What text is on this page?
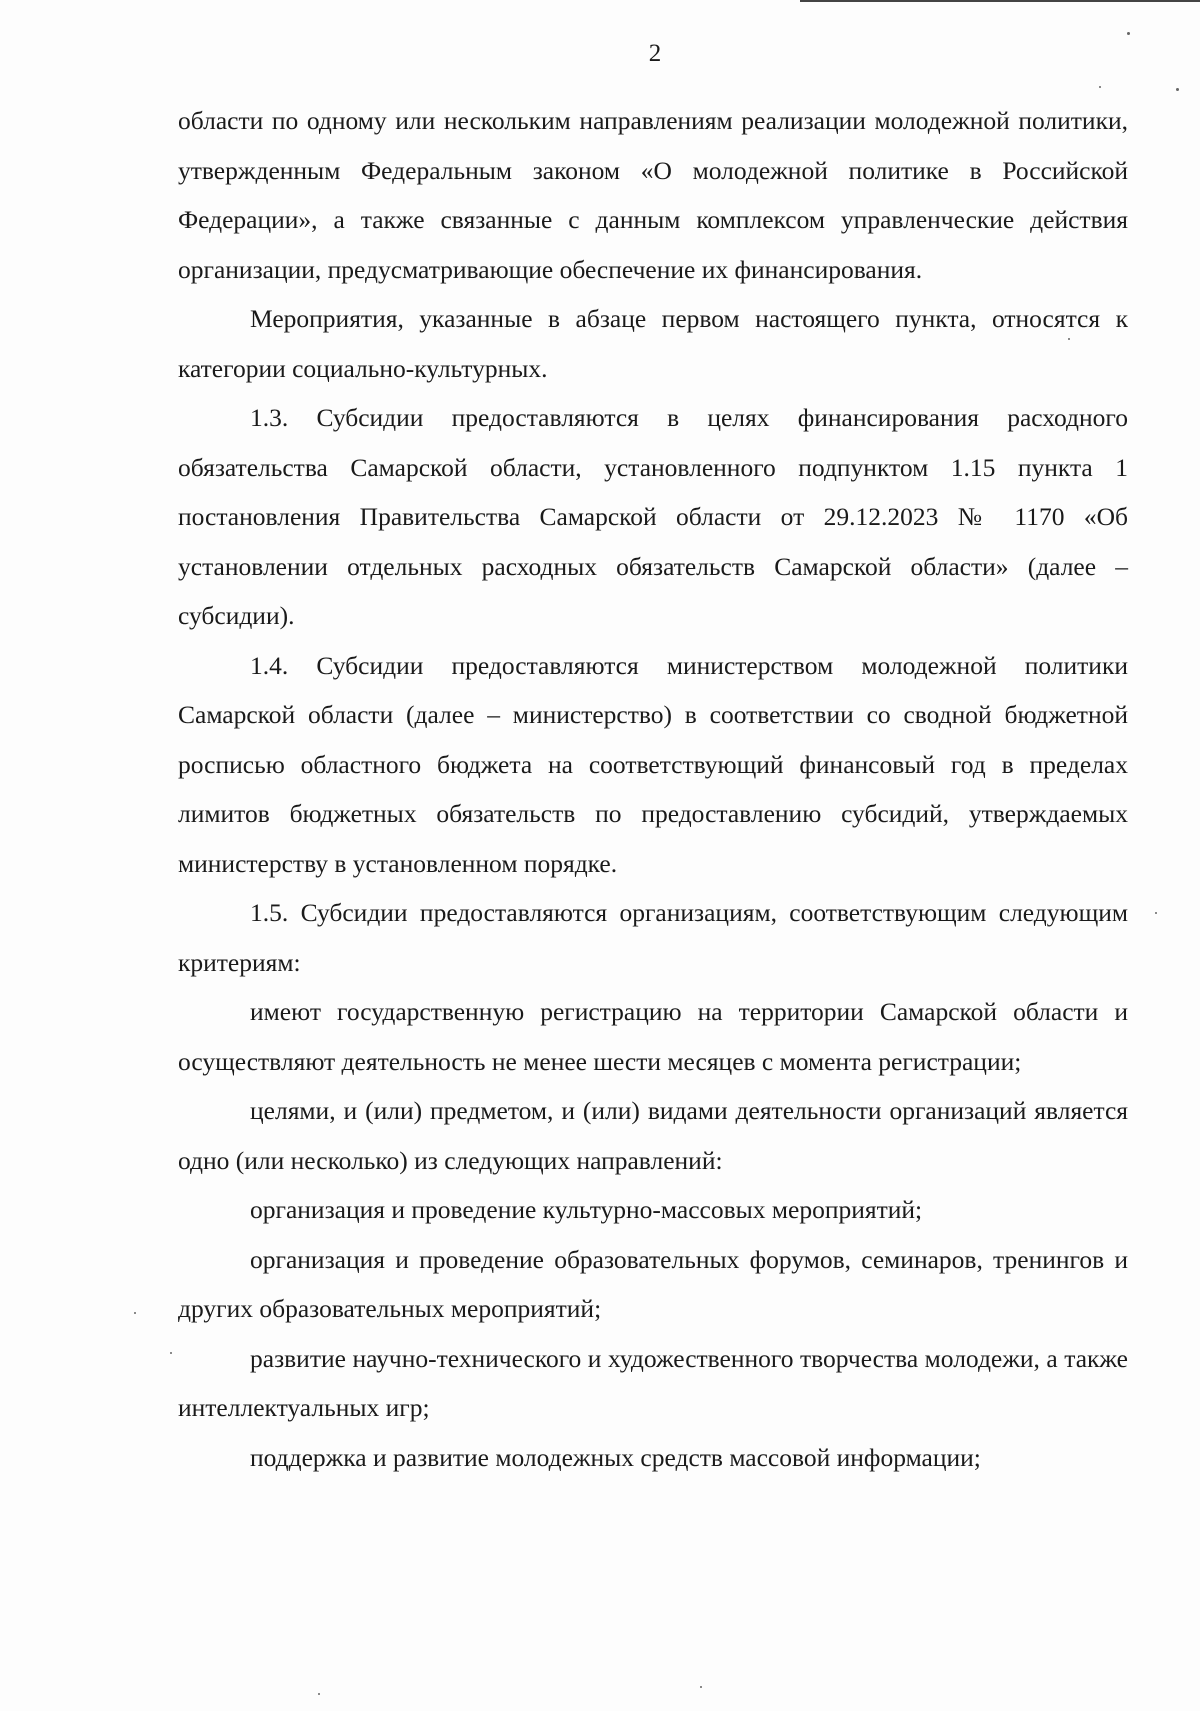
2

области по одному или нескольким направлениям реализации молодежной политики, утвержденным Федеральным законом «О молодежной политике в Российской Федерации», а также связанные с данным комплексом управленческие действия организации, предусматривающие обеспечение их финансирования.

Мероприятия, указанные в абзаце первом настоящего пункта, относятся к категории социально-культурных.

1.3. Субсидии предоставляются в целях финансирования расходного обязательства Самарской области, установленного подпунктом 1.15 пункта 1 постановления Правительства Самарской области от 29.12.2023 № 1170 «Об установлении отдельных расходных обязательств Самарской области» (далее – субсидии).

1.4. Субсидии предоставляются министерством молодежной политики Самарской области (далее – министерство) в соответствии со сводной бюджетной росписью областного бюджета на соответствующий финансовый год в пределах лимитов бюджетных обязательств по предоставлению субсидий, утверждаемых министерству в установленном порядке.

1.5. Субсидии предоставляются организациям, соответствующим следующим критериям:

имеют государственную регистрацию на территории Самарской области и осуществляют деятельность не менее шести месяцев с момента регистрации;

целями, и (или) предметом, и (или) видами деятельности организаций является одно (или несколько) из следующих направлений:

организация и проведение культурно-массовых мероприятий;

организация и проведение образовательных форумов, семинаров, тренингов и других образовательных мероприятий;

развитие научно-технического и художественного творчества молодежи, а также интеллектуальных игр;

поддержка и развитие молодежных средств массовой информации;
